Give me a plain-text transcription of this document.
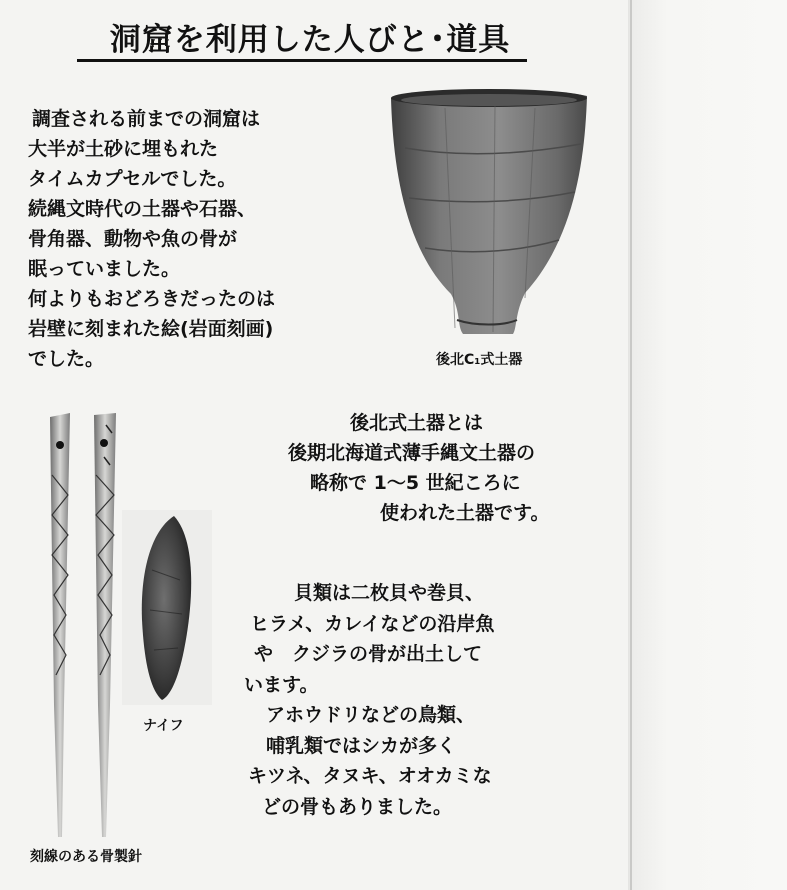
洞窟を利用した人びと･道具
調査される前までの洞窟は
大半が土砂に埋もれた
タイムカプセルでした。
続縄文時代の土器や石器、
骨角器、動物や魚の骨が
眠っていました。
何よりもおどろきだったのは
岩壁に刻まれた絵(岩面刻画)
でした。	後北C₁式土器
後北式土器とは
後期北海道式薄手縄文土器の
略称で 1～5 世紀ころに
使われた土器です。
ナイフ
刻線のある骨製針
貝類は二枚貝や巻貝、
ヒラメ、カレイなどの沿岸魚
や　クジラの骨が出土して
います。
アホウドリなどの鳥類、
哺乳類ではシカが多く
キツネ、タヌキ、オオカミな
どの骨もありました。
